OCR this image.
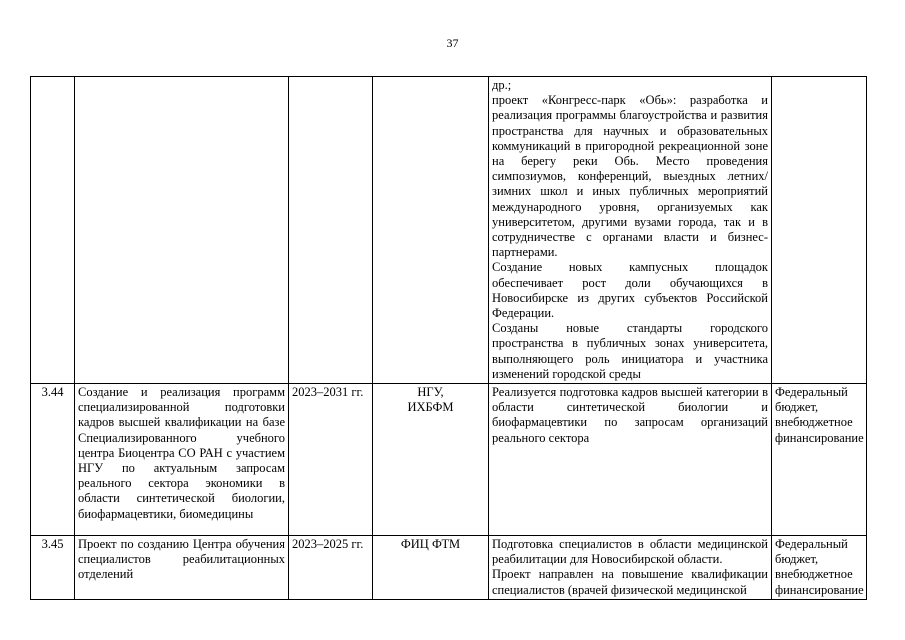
37

				др.;

проект «Конгресс-парк «Обь»: разработка и реализация программы благоустройства и развития пространства для научных и образовательных коммуникаций в пригородной рекреационной зоне на берегу реки Обь. Место проведения симпозиумов, конференций, выездных летних/зимних школ и иных публичных мероприятий международного уровня, организуемых как университетом, другими вузами города, так и в сотрудничестве с органами власти и бизнес-партнерами.

Создание новых кампусных площадок обеспечивает рост доли обучающихся в Новосибирске из других субъектов Российской Федерации.

Созданы новые стандарты городского пространства в публичных зонах университета, выполняющего роль инициатора и участника изменений городской среды	

3.44	Создание и реализация программ специализированной подготовки кадров высшей квалификации на базе Специализированного учебного центра Биоцентра СО РАН с участием НГУ по актуальным запросам реального сектора экономики в области синтетической биологии, биофармацевтики, биомедицины	2023–2031 гг.	НГУ,
ИХБФМ	Реализуется подготовка кадров высшей категории в области синтетической биологии и биофармацевтики по запросам организаций реального сектора	Федеральный бюджет, внебюджетное финансирование
3.45	Проект по созданию Центра обучения специалистов реабилитационных отделений	2023–2025 гг.	ФИЦ ФТМ	Подготовка специалистов в области медицинской реабилитации для Новосибирской области.

Проект направлен на повышение квалификации специалистов (врачей физической медицинской	Федеральный бюджет, внебюджетное финансирование
